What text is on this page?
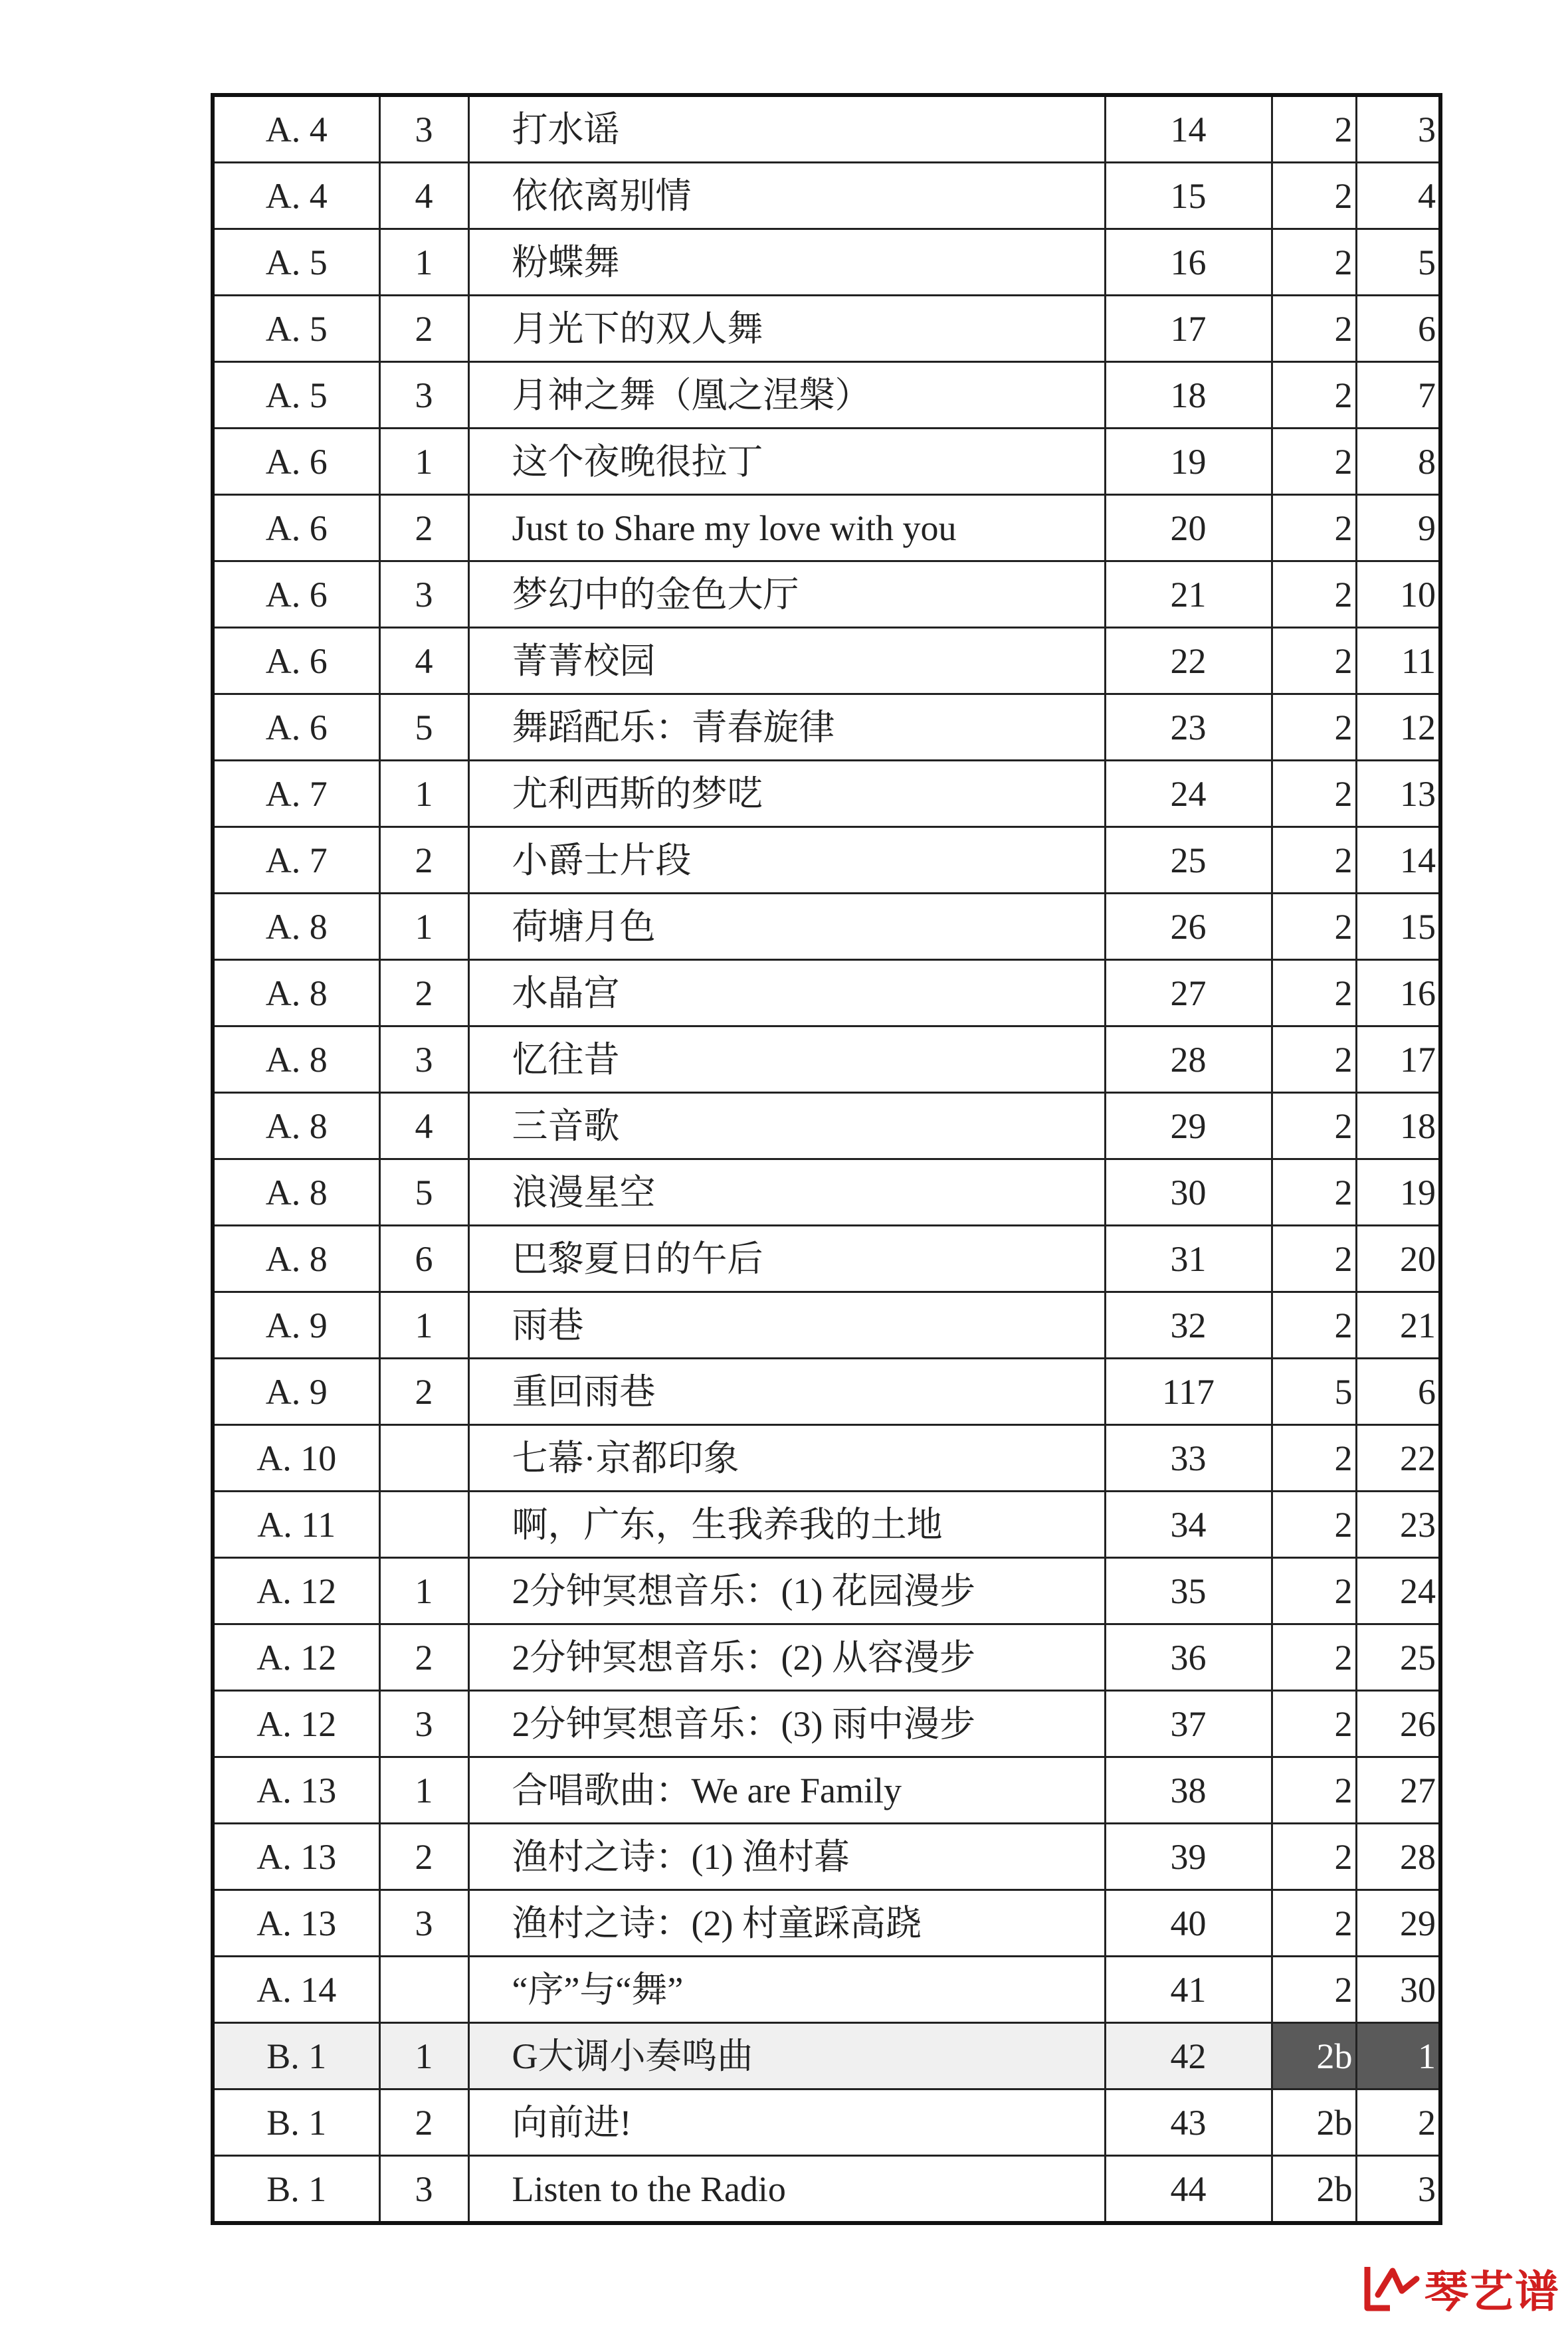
A. 4	3	打水谣	14	2	3
A. 4	4	依依离别情	15	2	4
A. 5	1	粉蝶舞	16	2	5
A. 5	2	月光下的双人舞	17	2	6
A. 5	3	月神之舞（凰之涅槃）	18	2	7
A. 6	1	这个夜晚很拉丁	19	2	8
A. 6	2	Just to Share my love with you	20	2	9
A. 6	3	梦幻中的金色大厅	21	2	10
A. 6	4	菁菁校园	22	2	11
A. 6	5	舞蹈配乐：青春旋律	23	2	12
A. 7	1	尤利西斯的梦呓	24	2	13
A. 7	2	小爵士片段	25	2	14
A. 8	1	荷塘月色	26	2	15
A. 8	2	水晶宫	27	2	16
A. 8	3	忆往昔	28	2	17
A. 8	4	三音歌	29	2	18
A. 8	5	浪漫星空	30	2	19
A. 8	6	巴黎夏日的午后	31	2	20
A. 9	1	雨巷	32	2	21
A. 9	2	重回雨巷	117	5	6
A. 10		七幕·京都印象	33	2	22
A. 11		啊，广东，生我养我的土地	34	2	23
A. 12	1	2分钟冥想音乐：(1) 花园漫步	35	2	24
A. 12	2	2分钟冥想音乐：(2) 从容漫步	36	2	25
A. 12	3	2分钟冥想音乐：(3) 雨中漫步	37	2	26
A. 13	1	合唱歌曲：We are Family	38	2	27
A. 13	2	渔村之诗：(1) 渔村暮	39	2	28
A. 13	3	渔村之诗：(2) 村童踩高跷	40	2	29
A. 14		“序”与“舞”	41	2	30
B. 1	1	G大调小奏鸣曲	42	2b	1
B. 1	2	向前进!	43	2b	2
B. 1	3	Listen to the Radio	44	2b	3
琴艺谱
